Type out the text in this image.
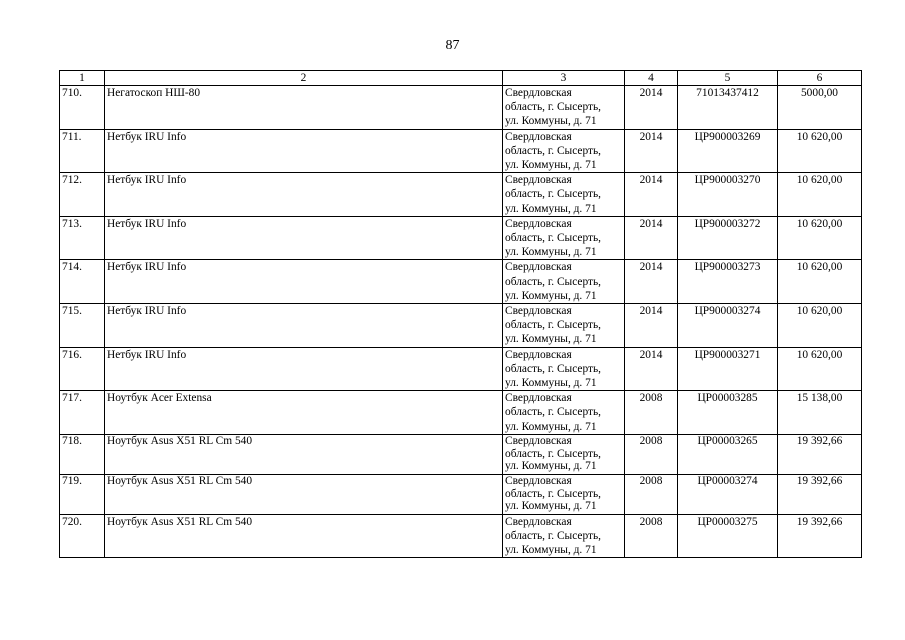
87
1	2	3	4	5	6
710.	Негатоскоп НШ-80	Свердловская
область, г. Сысерть,
ул. Коммуны, д. 71	2014	71013437412	5000,00
711.	Нетбук IRU Info	Свердловская
область, г. Сысерть,
ул. Коммуны, д. 71	2014	ЦР900003269	10 620,00
712.	Нетбук IRU Info	Свердловская
область, г. Сысерть,
ул. Коммуны, д. 71	2014	ЦР900003270	10 620,00
713.	Нетбук IRU Info	Свердловская
область, г. Сысерть,
ул. Коммуны, д. 71	2014	ЦР900003272	10 620,00
714.	Нетбук IRU Info	Свердловская
область, г. Сысерть,
ул. Коммуны, д. 71	2014	ЦР900003273	10 620,00
715.	Нетбук IRU Info	Свердловская
область, г. Сысерть,
ул. Коммуны, д. 71	2014	ЦР900003274	10 620,00
716.	Нетбук IRU Info	Свердловская
область, г. Сысерть,
ул. Коммуны, д. 71	2014	ЦР900003271	10 620,00
717.	Ноутбук Acer Extensa	Свердловская
область, г. Сысерть,
ул. Коммуны, д. 71	2008	ЦР00003285	15 138,00
718.	Ноутбук Asus X51 RL Cm 540	Свердловская
область, г. Сысерть,
ул. Коммуны, д. 71	2008	ЦР00003265	19 392,66
719.	Ноутбук Asus X51 RL Cm 540	Свердловская
область, г. Сысерть,
ул. Коммуны, д. 71	2008	ЦР00003274	19 392,66
720.	Ноутбук Asus X51 RL Cm 540	Свердловская
область, г. Сысерть,
ул. Коммуны, д. 71	2008	ЦР00003275	19 392,66
